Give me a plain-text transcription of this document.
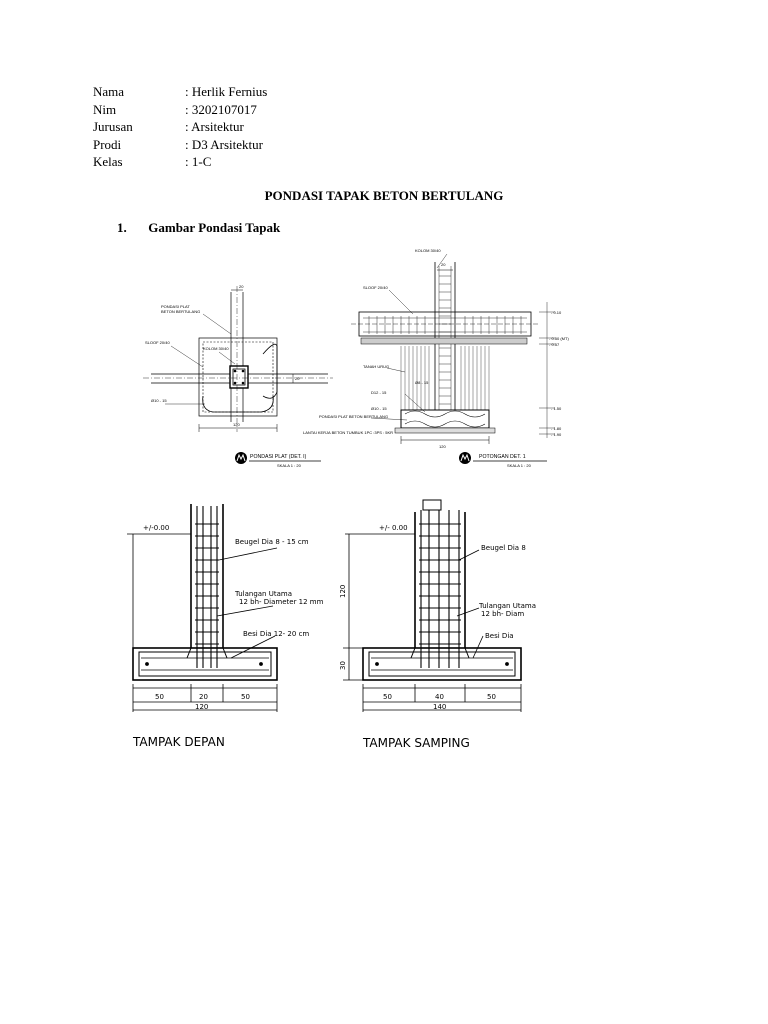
Nama	: Herlik Fernius
Nim	: 3202107017
Jurusan	: Arsitektur
Prodi	: D3 Arsitektur
Kelas	: 1-C
PONDASI TAPAK BETON BERTULANG
1. Gambar Pondasi Tapak
PONDASI PLAT
BETON BERTULANG
SLOOF 20/40
KOLOM 30/40
Ø10 - 15
20
20
120
PONDASI PLAT (DET. I)
SKALA 1 : 20
KOLOM 30/40
SLOOF 20/40
TANAH URUG
Ø8 - 15
D12 - 15
Ø10 - 15
PONDASI PLAT BETON BERTULANG
LANTAI KERJA BETON TUMBUK 1PC :3PS : 5KR
20
120
- 0.10
- 0.50 (MT)
- 0.57
- 1.50
- 1.80
- 1.90
POTONGAN DET. 1
SKALA 1 : 20
+/-0.00
Beugel Dia 8 - 15 cm
Tulangan Utama
12 bh- Diameter 12 mm
Besi Dia 12- 20 cm
50	20	50
120
TAMPAK DEPAN
+/- 0.00
120
30
Beugel Dia 8
Tulangan Utama
12 bh- Diam
Besi Dia
50	40	50
140
TAMPAK SAMPING
